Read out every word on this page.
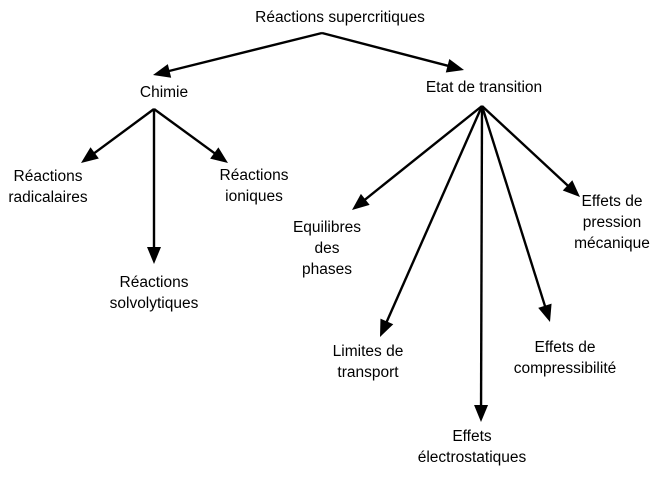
Réactions supercritiques
Chimie	Etat de transition
Réactions radicalaires
Réactions ioniques
Réactions solvolytiques
Equilibres des phases
Limites de transport
Effets électrostatiques
Effets de compressibilité
Effets de pression mécanique
